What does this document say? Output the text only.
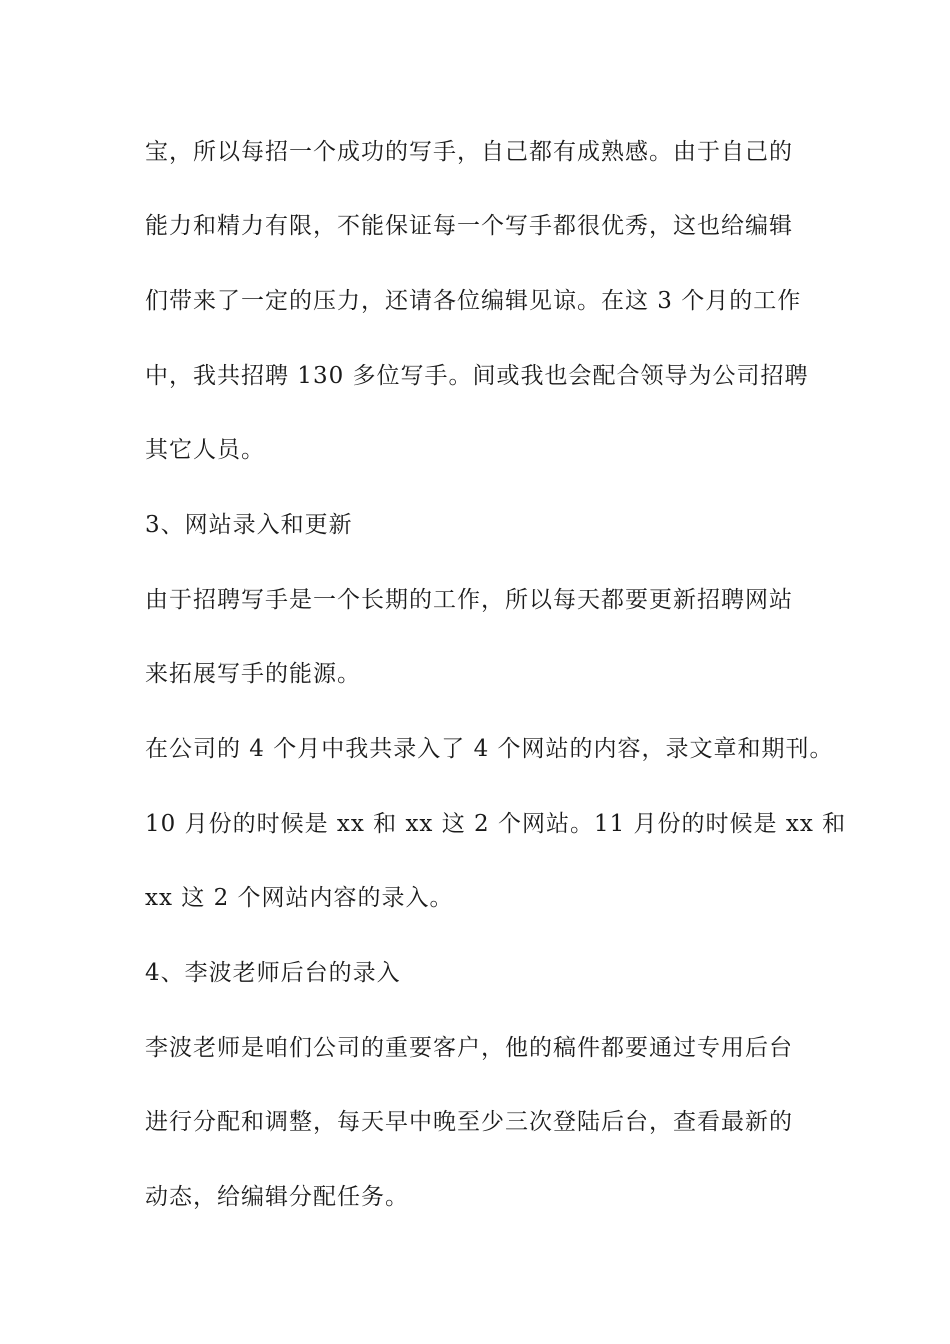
宝，所以每招一个成功的写手，自己都有成熟感。由于自己的
能力和精力有限，不能保证每一个写手都很优秀，这也给编辑
们带来了一定的压力，还请各位编辑见谅。在这 3 个月的工作
中，我共招聘 130 多位写手。间或我也会配合领导为公司招聘
其它人员。
3、网站录入和更新
由于招聘写手是一个长期的工作，所以每天都要更新招聘网站
来拓展写手的能源。
在公司的 4 个月中我共录入了 4 个网站的内容，录文章和期刊。
10 月份的时候是 xx 和 xx 这 2 个网站。11 月份的时候是 xx 和
xx 这 2 个网站内容的录入。
4、李波老师后台的录入
李波老师是咱们公司的重要客户，他的稿件都要通过专用后台
进行分配和调整，每天早中晚至少三次登陆后台，查看最新的
动态，给编辑分配任务。
